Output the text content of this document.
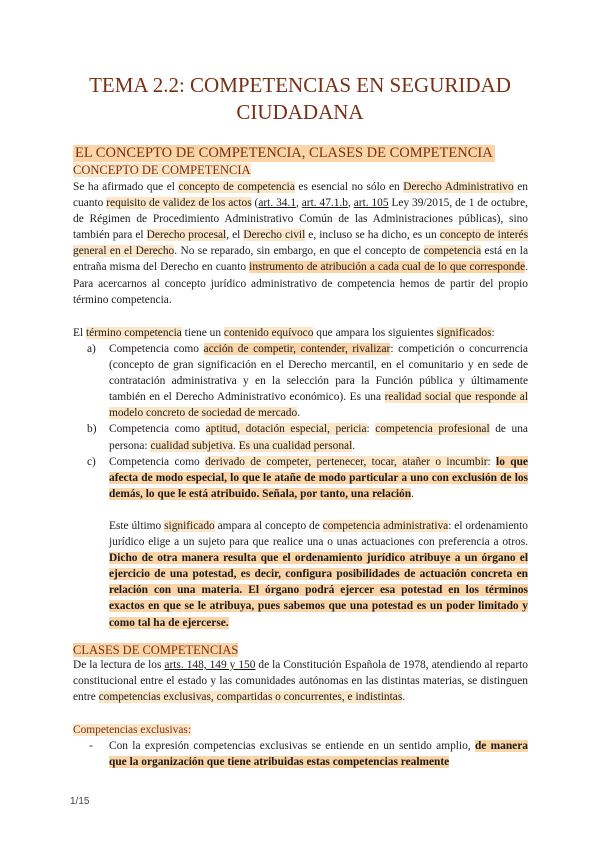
TEMA 2.2: COMPETENCIAS EN SEGURIDAD CIUDADANA
EL CONCEPTO DE COMPETENCIA, CLASES DE COMPETENCIA
CONCEPTO DE COMPETENCIA

Se ha afirmado que el concepto de competencia es esencial no sólo en Derecho Administrativo en cuanto requisito de validez de los actos (art. 34.1, art. 47.1.b, art. 105 Ley 39/2015, de 1 de octubre, de Régimen de Procedimiento Administrativo Común de las Administraciones públicas), sino también para el Derecho procesal, el Derecho civil e, incluso se ha dicho, es un concepto de interés general en el Derecho. No se reparado, sin embargo, en que el concepto de competencia está en la entraña misma del Derecho en cuanto instrumento de atribución a cada cual de lo que corresponde. Para acercarnos al concepto jurídico administrativo de competencia hemos de partir del propio término competencia.

El término competencia tiene un contenido equívoco que ampara los siguientes significados:

a) Competencia como acción de competir, contender, rivalizar: competición o concurrencia (concepto de gran significación en el Derecho mercantil, en el comunitario y en sede de contratación administrativa y en la selección para la Función pública y últimamente también en el Derecho Administrativo económico). Es una realidad social que responde al modelo concreto de sociedad de mercado.
b) Competencia como aptitud, dotación especial, pericia: competencia profesional de una persona: cualidad subjetiva. Es una cualidad personal.
c) Competencia como derivado de competer, pertenecer, tocar, atañer o incumbir: lo que afecta de modo especial, lo que le atañe de modo particular a uno con exclusión de los demás, lo que le está atribuido. Señala, por tanto, una relación.
Este último significado ampara al concepto de competencia administrativa: el ordenamiento jurídico elige a un sujeto para que realice una o unas actuaciones con preferencia a otros. Dicho de otra manera resulta que el ordenamiento jurídico atribuye a un órgano el ejercicio de una potestad, es decir, configura posibilidades de actuación concreta en relación con una materia. El órgano podrá ejercer esa potestad en los términos exactos en que se le atribuya, pues sabemos que una potestad es un poder limitado y como tal ha de ejercerse.
CLASES DE COMPETENCIAS

De la lectura de los arts. 148, 149 y 150 de la Constitución Española de 1978, atendiendo al reparto constitucional entre el estado y las comunidades autónomas en las distintas materias, se distinguen entre competencias exclusivas, compartidas o concurrentes, e indistintas.

Competencias exclusivas:
- Con la expresión competencias exclusivas se entiende en un sentido amplio, de manera que la organización que tiene atribuidas estas competencias realmente
1/15
